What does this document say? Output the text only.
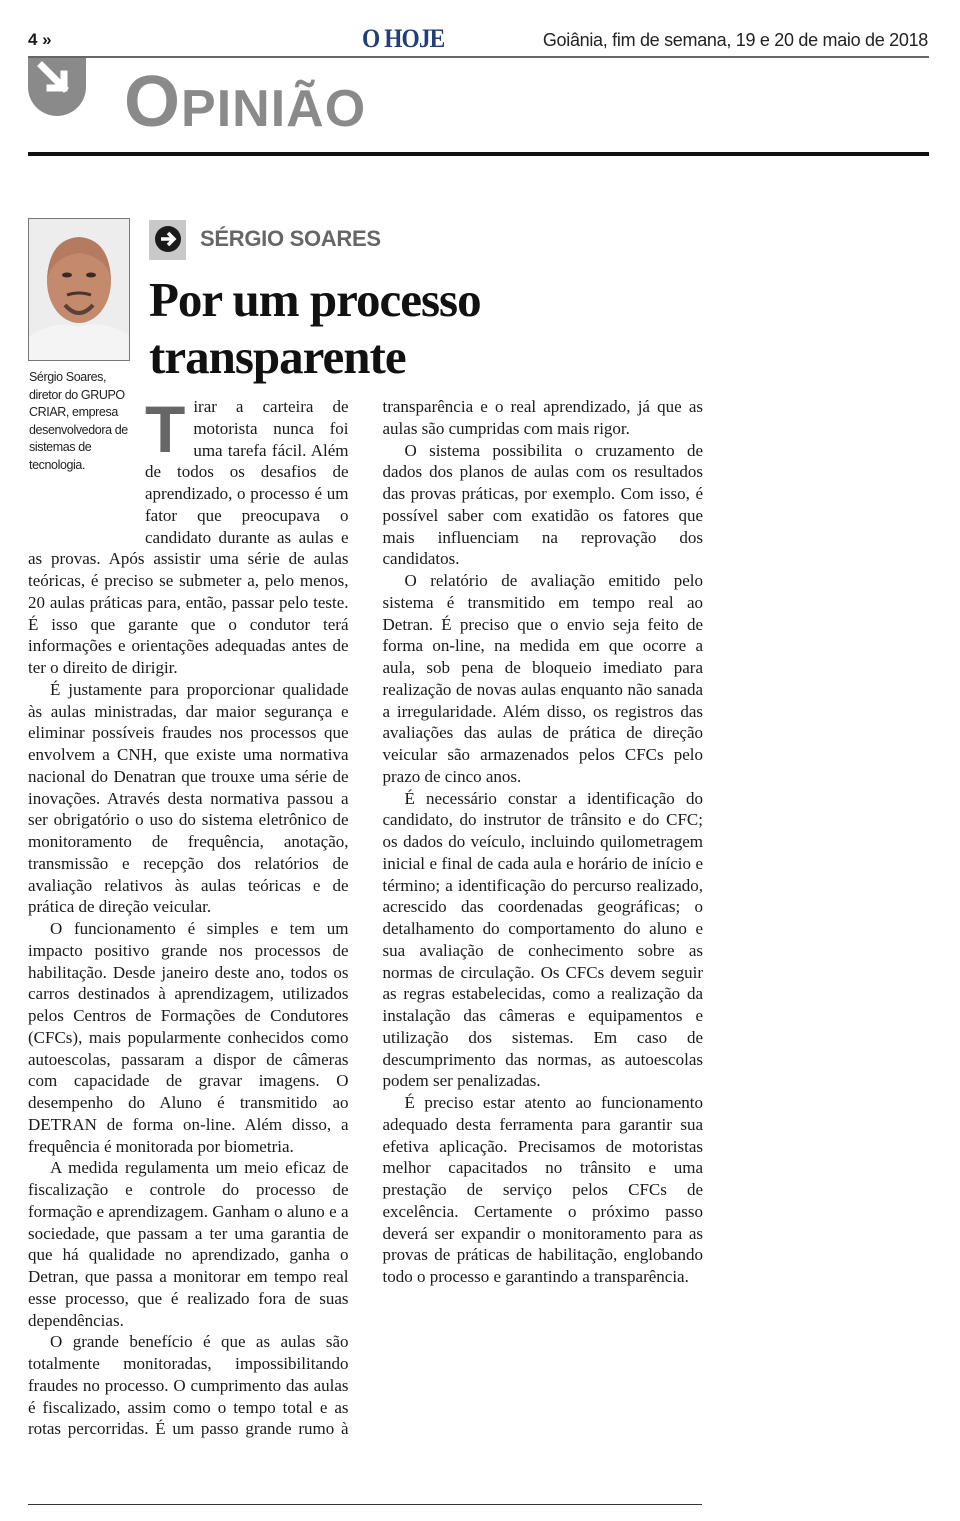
4 »	O HOJE	Goiânia, fim de semana, 19 e 20 de maio de 2018
OPINIÃO
Sérgio Soares, diretor do GRUPO CRIAR, empresa desenvolvedora de sistemas de tecnologia.
SÉRGIO SOARES
Por um processo transparente

Tirar a carteira de motorista nunca foi uma tarefa fácil. Além de todos os desafios de aprendizado, o processo é um fator que preocupava o candidato durante as aulas e as provas. Após assistir uma série de aulas teóricas, é preciso se submeter a, pelo menos, 20 aulas práticas para, então, passar pelo teste. É isso que garante que o condutor terá informações e orientações adequadas antes de ter o direito de dirigir.

É justamente para proporcionar qualidade às aulas ministradas, dar maior segurança e eliminar possíveis fraudes nos processos que envolvem a CNH, que existe uma normativa nacional do Denatran que trouxe uma série de inovações. Através desta normativa passou a ser obrigatório o uso do sistema eletrônico de monitoramento de frequência, anotação, transmissão e recepção dos relatórios de avaliação relativos às aulas teóricas e de prática de direção veicular.

O funcionamento é simples e tem um impacto positivo grande nos processos de habilitação. Desde janeiro deste ano, todos os carros destinados à aprendizagem, utilizados pelos Centros de Formações de Condutores (CFCs), mais popularmente conhecidos como autoescolas, passaram a dispor de câmeras com capacidade de gravar imagens. O desempenho do Aluno é transmitido ao DETRAN de forma on-line. Além disso, a frequência é monitorada por biometria.

A medida regulamenta um meio eficaz de fiscalização e controle do processo de formação e aprendizagem. Ganham o aluno e a sociedade, que passam a ter uma garantia de que há qualidade no aprendizado, ganha o Detran, que passa a monitorar em tempo real esse processo, que é realizado fora de suas dependências.

O grande benefício é que as aulas são totalmente monitoradas, impossibilitando fraudes no processo. O cumprimento das aulas é fiscalizado, assim como o tempo total e as rotas percorridas. É um passo grande rumo à transparência e o real aprendizado, já que as aulas são cumpridas com mais rigor.

O sistema possibilita o cruzamento de dados dos planos de aulas com os resultados das provas práticas, por exemplo. Com isso, é possível saber com exatidão os fatores que mais influenciam na reprovação dos candidatos.

O relatório de avaliação emitido pelo sistema é transmitido em tempo real ao Detran. É preciso que o envio seja feito de forma on-line, na medida em que ocorre a aula, sob pena de bloqueio imediato para realização de novas aulas enquanto não sanada a irregularidade. Além disso, os registros das avaliações das aulas de prática de direção veicular são armazenados pelos CFCs pelo prazo de cinco anos.

É necessário constar a identificação do candidato, do instrutor de trânsito e do CFC; os dados do veículo, incluindo quilometragem inicial e final de cada aula e horário de início e término; a identificação do percurso realizado, acrescido das coordenadas geográficas; o detalhamento do comportamento do aluno e sua avaliação de conhecimento sobre as normas de circulação. Os CFCs devem seguir as regras estabelecidas, como a realização da instalação das câmeras e equipamentos e utilização dos sistemas. Em caso de descumprimento das normas, as autoescolas podem ser penalizadas.

É preciso estar atento ao funcionamento adequado desta ferramenta para garantir sua efetiva aplicação. Precisamos de motoristas melhor capacitados no trânsito e uma prestação de serviço pelos CFCs de excelência. Certamente o próximo passo deverá ser expandir o monitoramento para as provas de práticas de habilitação, englobando todo o processo e garantindo a transparência.
